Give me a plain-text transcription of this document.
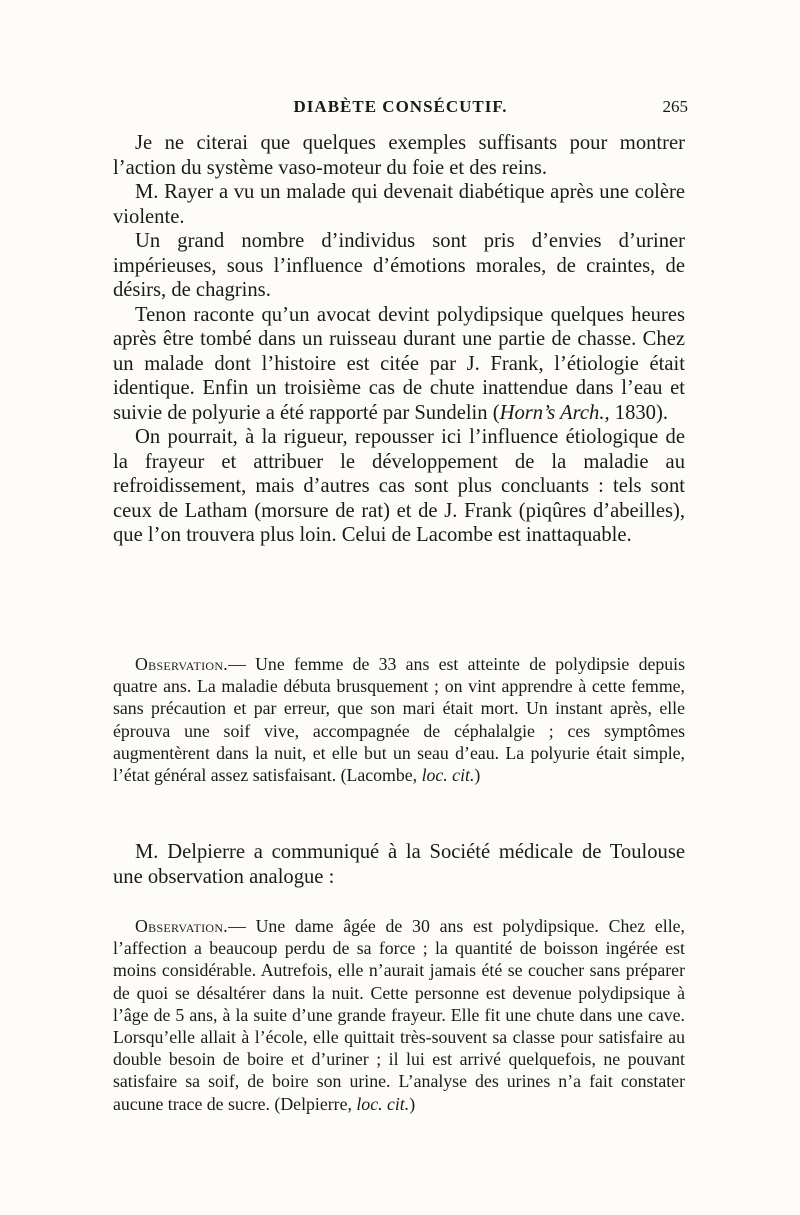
DIABÈTE CONSÉCUTIF.	265

Je ne citerai que quelques exemples suffisants pour montrer l’action du système vaso-moteur du foie et des reins.

M. Rayer a vu un malade qui devenait diabétique après une colère violente.

Un grand nombre d’individus sont pris d’envies d’uriner impérieuses, sous l’influence d’émotions morales, de craintes, de désirs, de chagrins.

Tenon raconte qu’un avocat devint polydipsique quelques heures après être tombé dans un ruisseau durant une partie de chasse. Chez un malade dont l’histoire est citée par J. Frank, l’étiologie était identique. Enfin un troisième cas de chute inattendue dans l’eau et suivie de polyurie a été rapporté par Sundelin (Horn’s Arch., 1830).

On pourrait, à la rigueur, repousser ici l’influence étiologique de la frayeur et attribuer le développement de la maladie au refroidissement, mais d’autres cas sont plus concluants : tels sont ceux de Latham (morsure de rat) et de J. Frank (piqûres d’abeilles), que l’on trouvera plus loin. Celui de Lacombe est inattaquable.

Observation.— Une femme de 33 ans est atteinte de polydipsie depuis quatre ans. La maladie débuta brusquement ; on vint apprendre à cette femme, sans précaution et par erreur, que son mari était mort. Un instant après, elle éprouva une soif vive, accompagnée de céphalalgie ; ces symptômes augmentèrent dans la nuit, et elle but un seau d’eau. La polyurie était simple, l’état général assez satisfaisant. (Lacombe, loc. cit.)

M. Delpierre a communiqué à la Société médicale de Toulouse une observation analogue :

Observation.— Une dame âgée de 30 ans est polydipsique. Chez elle, l’affection a beaucoup perdu de sa force ; la quantité de boisson ingérée est moins considérable. Autrefois, elle n’aurait jamais été se coucher sans préparer de quoi se désaltérer dans la nuit. Cette personne est devenue polydipsique à l’âge de 5 ans, à la suite d’une grande frayeur. Elle fit une chute dans une cave. Lorsqu’elle allait à l’école, elle quittait très-souvent sa classe pour satisfaire au double besoin de boire et d’uriner ; il lui est arrivé quelquefois, ne pouvant satisfaire sa soif, de boire son urine. L’analyse des urines n’a fait constater aucune trace de sucre. (Delpierre, loc. cit.)
